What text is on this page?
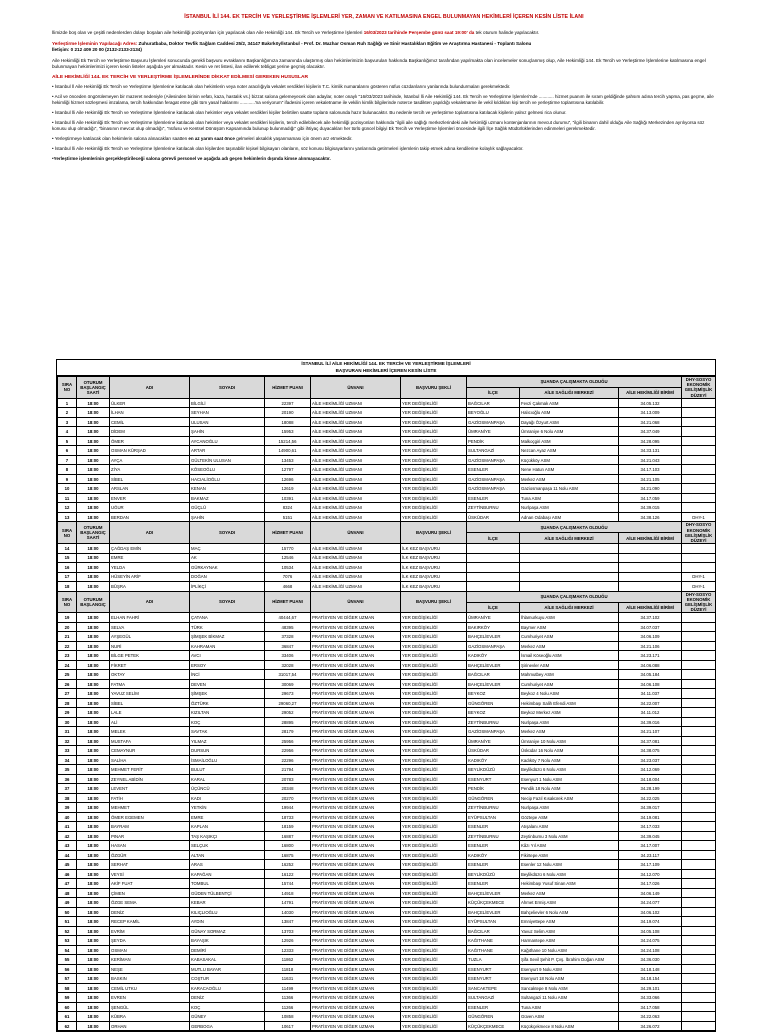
İSTANBUL İLİ 144. EK TERCİH VE YERLEŞTİRME İŞLEMLERİ YER, ZAMAN VE KATILMASINA ENGEL BULUNMAYAN HEKİMLERİ İÇEREN KESİN LİSTE İLANI

İlimizde boş olan ve çeşitli nedenlerden dolayı boşalan aile hekimliği pozisyonları için yapılacak olan Aile Hekimliği 144. Ek Tercih ve Yerleştirme İşlemleri 16/03/2023 tarihinde Perşembe günü saat 19:00' da tek oturum halinde yapılacaktır.

Yerleştirme İşleminin Yapılacağı Adres: Zuhuratbaba, Doktor Tevfik Sağlam Caddesi 25/2, 34147 Bakırköy/İstanbul - Prof. Dr. Mazhar Osman Ruh Sağlığı ve Sinir Hastalıkları Eğitim ve Araştırma Hastanesi - Toplantı Salonu
İletişim: 0 212 409 20 00 (2132-2133-2134)

Aile Hekimliği Ek Tercih ve Yerleştirme Başvuru İşlemleri sonucunda gerekli başvuru evraklarını Başkanlığımıza zamanında ulaştırmış olan hekimlerimizin başvuruları hakkında Başkanlığımız tarafından yapılmakta olan incelemeler sonuçlanmış olup, Aile Hekimliği 144. Ek Tercih ve Yerleştirme İşlemlerine katılmasına engel bulunmayan hekimlerimizi içeren kesin listeler aşağıda yer almaktadır. Kesin ve ret listesi, ilan edilerek tebligat yerine geçmiş olacaktır.

AİLE HEKİMLİĞİ 144. EK TERCİH VE YERLEŞTİRME İŞLEMLERİNDE DİKKAT EDİLMESİ GEREKEN HUSUSLAR

• İstanbul İl Aile Hekimliği Ek Tercih ve Yerleştirme İşlemlerine katılacak olan hekimlerin veya noter aracılığıyla vekalet verdikleri kişilerin T.C. kimlik numaralarını gösteren nüfus cüzdanlarını yanlarında bulundurmaları gerekmektedir.

• Acil ve önceden öngörülemeyen bir mazeret nedeniyle (Ailesinden birinin vefatı, kaza, hastalık vs.) bizzat salona gelemeyecek olan adaylar, noter onaylı "16/03/2023 tarihinde, İstanbul İli Aile Hekimliği 144. Ek Tercih ve Yerleştirme İşlemleri'nde ............ hizmet puanım ile sıram geldiğinde şahsım adına tercih yapma, pas geçme, aile hekimliği hizmet sözleşmesi imzalama, tercih hakkından feragat etme gibi tüm yasal haklarımı ............'na veriyorum" ifadesini içeren vekaletname ile vekilin kimlik bilgilerinde noterce tasdikten yapıldığı vekaletname ile vekil kıldıkları kişi tercih ve yerleştirme toplantısına katılabilir.

• İstanbul İli Aile Hekimliği Ek Tercih ve Yerleştirme İşlemlerine katılacak olan hekimler veya vekalet verdikleri kişiler belirtilen saatte toplantı salonunda hazır bulunacaktır. Bu nedenle tercih ve yerleştirme toplantısına katılacak kişilerin yalnız gelmesi rica olunur.

• İstanbul İli Aile Hekimliği Ek Tercih ve Yerleştirme İşlemlerine katılacak olan hekimler veya vekalet verdikleri kişilerin, tercih edilebilecek aile hekimliği pozisyonları hakkında "ilgili aile sağlığı merkezlerindeki aile hekimliği uzmanı kontenjanlarının mevcut durumu", "ilgili binanın dahil olduğu Aile Sağlığı Merkezinden ayrılıyorsa söz konusu olup olmadığı", "binasının mevcut olup olmadığı", "nüfusu ve Kentsel Dönüşüm Kapsamında bulunup bulunmadığı" gibi ihtiyaç duyacakları her türlü güncel bilgiyi Ek Tercih ve Yerleştirme İşlemleri öncesinde ilgili İlçe Sağlık Müdürlüklerinden edinmeleri gerekmektedir.

• Yerleştirmeye katılacak olan hekimlerin salona alınacakları saatten en az yarım saat önce gelmeleri aksaklık yaşanmaması için önem arz etmektedir.

• İstanbul İli Aile Hekimliği Ek Tercih ve Yerleştirme İşlemlerine katılacak olan kişilerden taşınabilir kişisel bilgisayarı olanların, söz konusu bilgisayarlarını yanlarında getirmeleri işlemlerin takip etmek adına kendilerine kolaylık sağlayacaktır.

•Yerleştirme işlemlerinin gerçekleştirileceği salona görevli personel ve aşağıda adı geçen hekimlerin dışında kimse alınmayacaktır.

İSTANBUL İLİ AİLE HEKİMLİĞİ 144. EK TERCİH VE YERLEŞTİRME İŞLEMLERİ
BAŞVURAN HEKİMLERİ İÇEREN KESİN LİSTE
SIRA NO	OTURUM BAŞLANGIÇ SAATİ	ADI	SOYADI	HİZMET PUANI	ÜNVANI	BAŞVURU ŞEKLİ	ŞUANDA ÇALIŞMAKTA OLDUĞU			DHY-SOSYO EKONOMİK GELİŞMİŞLİK DÜZEYİ
							İLÇE	AİLE SAĞLIĞI MERKEZİ	AİLE HEKİMLİĞİ BİRİMİ	
1	18:00	ÜLKER	BİLGİLİ	22397	AİLE HEKİMLİĞİ UZMANI	YER DEĞİŞİKLİĞİ	BAĞCILAR	Fevzi Çakmak ASM	34.05.132	
2	18:00	İLHAN	SEYHAN	20190	AİLE HEKİMLİĞİ UZMANI	YER DEĞİŞİKLİĞİ	BEYOĞLU	Halıcıoğlu ASM	34.13.009	
3	18:00	CEMİL	ULUSAN	18088	AİLE HEKİMLİĞİ UZMANI	YER DEĞİŞİKLİĞİ	GAZİOSMANPAŞA	Dayağı Özyurt ASM	34.21.068	
4	18:00	DİDEM	ŞAHİN	15953	AİLE HEKİMLİĞİ UZMANI	YER DEĞİŞİKLİĞİ	ÜMRANİYE	Ümraniye 6 Nolu ASM	34.37.049	
5	18:00	ÖMER	AYCANOĞLU	15214,56	AİLE HEKİMLİĞİ UZMANI	YER DEĞİŞİKLİĞİ	PENDİK	Malkoçgiri ASM	34.28.095	
6	18:00	OSMAN KÜRŞAD	ARTAR	14900,61	AİLE HEKİMLİĞİ UZMANI	YER DEĞİŞİKLİĞİ	SULTANGAZİ	Nezcan Ayaz ASM	34.33.131	
7	18:00	AYÇA	GÜLTEKİN ULUSAN	13453	AİLE HEKİMLİĞİ UZMANI	YER DEĞİŞİKLİĞİ	GAZİOSMANPAŞA	Küçükköy ASM	34.21.043	
8	18:00	ZİYA	KÖSEOĞLU	12797	AİLE HEKİMLİĞİ UZMANI	YER DEĞİŞİKLİĞİ	ESENLER	Nene Hatun ASM	34.17.103	
9	18:00	SİBEL	HACIALİOĞLU	12696	AİLE HEKİMLİĞİ UZMANI	YER DEĞİŞİKLİĞİ	GAZİOSMANPAŞA	Merkez ASM	34.21.105	
10	18:00	ARSLAN	KENAN	12619	AİLE HEKİMLİĞİ UZMANI	YER DEĞİŞİKLİĞİ	GAZİOSMANPAŞA	Gaziosmanpaşa 11 Nolu ASM	34.21.090	
11	18:00	ENVER	BAKMAZ	10391	AİLE HEKİMLİĞİ UZMANI	YER DEĞİŞİKLİĞİ	ESENLER	Tuna ASM	34.17.059	
12	18:00	UĞUR	GÜÇLÜ	8324	AİLE HEKİMLİĞİ UZMANI	YER DEĞİŞİKLİĞİ	ZEYTİNBURNU	Nurİpaşa ASM	34.39.015	
13	18:00	BERDAN	ŞAHİN	5151	AİLE HEKİMLİĞİ UZMANI	YER DEĞİŞİKLİĞİ	ÜSKÜDAR	Adnan Odabaşı ASM	34.38.126	DHY-1
SIRA NO	OTURUM BAŞLANGIÇ SAATİ	ADI	SOYADI	HİZMET PUANI	ÜNVANI	BAŞVURU ŞEKLİ	ŞUANDA ÇALIŞMAKTA OLDUĞU			DHY-SOSYO EKONOMİK GELİŞMİŞLİK DÜZEYİ
							İLÇE	AİLE SAĞLIĞI MERKEZİ	AİLE HEKİMLİĞİ BİRİMİ	
14	18:00	ÇAĞDAŞ EMİN	MAÇ	15770	AİLE HEKİMLİĞİ UZMANI	İLK KEZ BAŞVURU				
15	18:00	EMRE	AK	12546	AİLE HEKİMLİĞİ UZMANI	İLK KEZ BAŞVURU				
16	18:00	YELDA	GÜRKAYNAK	10534	AİLE HEKİMLİĞİ UZMANI	İLK KEZ BAŞVURU				
17	18:00	HÜSEYİN ARİF	DOĞAN	7076	AİLE HEKİMLİĞİ UZMANI	İLK KEZ BAŞVURU				DHY-1
18	18:00	BÜŞRA	İPLİKÇİ	4668	AİLE HEKİMLİĞİ UZMANI	İLK KEZ BAŞVURU				DHY-1
SIRA NO	OTURUM BAŞLANGIÇ	ADI	SOYADI	HİZMET PUANI	ÜNVANI	BAŞVURU ŞEKLİ	ŞUANDA ÇALIŞMAKTA OLDUĞU			DHY-SOSYO EKONOMİK GELİŞMİŞLİK DÜZEYİ
							İLÇE	AİLE SAĞLIĞI MERKEZİ	AİLE HEKİMLİĞİ BİRİMİ	
19	18:00	ELHAN FAHRİ	ÇATANA	40444,67	PRATİSYEN VE DİĞER UZMAN	YER DEĞİŞİKLİĞİ	ÜMRANİYE	İhlamurkuyu ASM	34.37.102	
20	18:00	SELVA	TÜRK	48395	PRATİSYEN VE DİĞER UZMAN	YER DEĞİŞİKLİĞİ	BAKIRKÖY	Baymer ASM	34.07.037	
21	18:00	AYŞEGÜL	ŞİMŞEK BİKMAZ	37328	PRATİSYEN VE DİĞER UZMAN	YER DEĞİŞİKLİĞİ	BAHÇELİEVLER	Cumhuriyet ASM	34.06.109	
22	18:00	NURİ	KAHRAMAN	36847	PRATİSYEN VE DİĞER UZMAN	YER DEĞİŞİKLİĞİ	GAZİOSMANPAŞA	Merkez ASM	34.21.106	
23	18:00	BİLGE PETEK	AVCI	33406	PRATİSYEN VE DİĞER UZMAN	YER DEĞİŞİKLİĞİ	KADIKÖY	İsmail Köseoğlu ASM	34.23.171	
24	18:00	FİKRET	ERSOY	32028	PRATİSYEN VE DİĞER UZMAN	YER DEĞİŞİKLİĞİ	BAHÇELİEVLER	Şirinevler ASM	34.06.088	
25	18:00	OKTAY	İNCİ	31017,54	PRATİSYEN VE DİĞER UZMAN	YER DEĞİŞİKLİĞİ	BAĞCILAR	Mahmutbey ASM	34.05.184	
26	18:00	FATMA	DEVEN	30069	PRATİSYEN VE DİĞER UZMAN	YER DEĞİŞİKLİĞİ	BAHÇELİEVLER	Cumhuriyet ASM	34.06.108	
27	18:00	YAVUZ SELİM	ŞİMŞEK	29673	PRATİSYEN VE DİĞER UZMAN	YER DEĞİŞİKLİĞİ	BEYKOZ	Beykoz 4 Nolu ASM	34.11.037	
28	18:00	SİBEL	ÖZTÜRK	29060,27	PRATİSYEN VE DİĞER UZMAN	YER DEĞİŞİKLİĞİ	GÜNGÖREN	Hekimbaşı Salih Efendi ASM	34.22.007	
29	18:00	LALE	KIZILTAN	29052	PRATİSYEN VE DİĞER UZMAN	YER DEĞİŞİKLİĞİ	BEYKOZ	Beykoz Merkez ASM	34.11.012	
30	18:00	ALİ	KOÇ	28895	PRATİSYEN VE DİĞER UZMAN	YER DEĞİŞİKLİĞİ	ZEYTİNBURNU	Nurİpaşa ASM	34.39.016	
31	18:00	MELEK	SAVTAK	28179	PRATİSYEN VE DİĞER UZMAN	YER DEĞİŞİKLİĞİ	GAZİOSMANPAŞA	Merkez ASM	34.21.107	
32	18:00	MUSTAFA	YILMAZ	25956	PRATİSYEN VE DİĞER UZMAN	YER DEĞİŞİKLİĞİ	ÜMRANİYE	Ümraniye 10 Nolu ASM	34.37.081	
33	18:00	CEMAYNUR	DURSUN	22956	PRATİSYEN VE DİĞER UZMAN	YER DEĞİŞİKLİĞİ	ÜSKÜDAR	Üsküdar 16 Nolu ASM	34.38.075	
34	18:00	SALİHA	İSMAİLOĞLU	22296	PRATİSYEN VE DİĞER UZMAN	YER DEĞİŞİKLİĞİ	KADIKÖY	Kadıköy 7 Nolu ASM	34.23.037	
35	18:00	MEHMET FERİT	BULUT	21794	PRATİSYEN VE DİĞER UZMAN	YER DEĞİŞİKLİĞİ	BEYLİKDÜZÜ	Beylikdüzü 6 Nolu ASM	34.12.069	
36	18:00	ZEYNEL ABİDİN	KARAL	20783	PRATİSYEN VE DİĞER UZMAN	YER DEĞİŞİKLİĞİ	ESENYURT	Esenyurt 1 Nolu ASM	34.18.004	
37	18:00	LEVENT	ÜÇÜNCÜ	20348	PRATİSYEN VE DİĞER UZMAN	YER DEĞİŞİKLİĞİ	PENDİK	Pendik 18 Nolu ASM	34.28.199	
38	18:00	FATİH	KADI	20270	PRATİSYEN VE DİĞER UZMAN	YER DEĞİŞİKLİĞİ	GÜNGÖREN	Necip Fazıl Kısakürek ASM	34.22.025	
39	18:00	MEHMET	YETKİN	19944	PRATİSYEN VE DİĞER UZMAN	YER DEĞİŞİKLİĞİ	ZEYTİNBURNU	Nurİpaşa ASM	34.39.017	
40	18:00	ÖMER EGEMEN	EMRE	18733	PRATİSYEN VE DİĞER UZMAN	YER DEĞİŞİKLİĞİ	EYÜPSULTAN	Göztepe ASM	34.19.081	
41	18:00	BAYRAM	KAPLAN	18159	PRATİSYEN VE DİĞER UZMAN	YER DEĞİŞİKLİĞİ	ESENLER	Atışalanı ASM	34.17.033	
42	18:00	PINAR	TAŞ KAŞIKÇI	16887	PRATİSYEN VE DİĞER UZMAN	YER DEĞİŞİKLİĞİ	ZEYTİNBURNU	Zeytinburnu 3 Nolu ASM	34.39.045	
43	18:00	HASAN	SELÇUK	16800	PRATİSYEN VE DİĞER UZMAN	YER DEĞİŞİKLİĞİ	ESENLER	Kâzı Yıl ASM	34.17.007	
44	18:00	ÖZGÜR	ALTAN	16875	PRATİSYEN VE DİĞER UZMAN	YER DEĞİŞİKLİĞİ	KADIKÖY	Fikirtepe ASM	34.23.117	
45	18:00	SERHAT	ARAS	16252	PRATİSYEN VE DİĞER UZMAN	YER DEĞİŞİKLİĞİ	ESENLER	Esenler 12 Nolu ASM	34.17.109	
46	18:00	VEYSİ	KAPAĞAN	16122	PRATİSYEN VE DİĞER UZMAN	YER DEĞİŞİKLİĞİ	BEYLİKDÜZÜ	Beylikdüzü 6 Nolu ASM	34.12.070	
47	18:00	AKİF FUAT	TOMBUL	15744	PRATİSYEN VE DİĞER UZMAN	YER DEĞİŞİKLİĞİ	ESENLER	Hekimbaşı Yusuf Sinan ASM	34.17.026	
48	18:00	ÇİMEN	GÜDEN TÜLBENTÇİ	14918	PRATİSYEN VE DİĞER UZMAN	YER DEĞİŞİKLİĞİ	BAHÇELİEVLER	Merkez ASM	34.06.149	
49	18:00	ÖZGE SEMA	KEBAR	14791	PRATİSYEN VE DİĞER UZMAN	YER DEĞİŞİKLİĞİ	KÜÇÜKÇEKMECE	Ahmet Ermiş ASM	34.24.077	
50	18:00	DENİZ	KILIÇLIOĞLU	14030	PRATİSYEN VE DİĞER UZMAN	YER DEĞİŞİKLİĞİ	BAHÇELİEVLER	Bahçelievler 6 Nolu ASM	34.06.102	
51	18:00	RECEP KAMİL	AYDIN	13847	PRATİSYEN VE DİĞER UZMAN	YER DEĞİŞİKLİĞİ	EYÜPSULTAN	Emniyettepe ASM	34.19.074	
52	18:00	EVRİM	GÜNAY SORMAZ	13703	PRATİSYEN VE DİĞER UZMAN	YER DEĞİŞİKLİĞİ	BAĞCILAR	Yavuz Selim ASM	34.05.108	
53	18:00	ŞEYDA	BAYAŞIK	12926	PRATİSYEN VE DİĞER UZMAN	YER DEĞİŞİKLİĞİ	KAĞITHANE	Harmantepe ASM	34.24.075	
54	18:00	OSMAN	DEMİRİ	12333	PRATİSYEN VE DİĞER UZMAN	YER DEĞİŞİKLİĞİ	KAĞITHANE	Kağıthane 10 Nolu ASM	34.24.108	
55	18:00	KERİMAN	KABASAKAL	11862	PRATİSYEN VE DİĞER UZMAN	YER DEĞİŞİKLİĞİ	TUZLA	Şifa Sevil Şehit P. Çvş. İbrahim Doğan ASM	34.36.030	
56	18:00	NEŞE	MUTLU BAYAR	11818	PRATİSYEN VE DİĞER UZMAN	YER DEĞİŞİKLİĞİ	ESENYURT	Esenyurt 9 Nolu ASM	34.18.148	
57	18:00	BASKIN	COŞTUR	11631	PRATİSYEN VE DİĞER UZMAN	YER DEĞİŞİKLİĞİ	ESENYURT	Esenyurt 18 Nolu ASM	34.18.154	
58	18:00	CEMİL UTKU	KARACAOĞLU	11499	PRATİSYEN VE DİĞER UZMAN	YER DEĞİŞİKLİĞİ	SANCAKTEPE	Sancaktepe 8 Nolu ASM	34.29.101	
59	18:00	EVREN	DENİZ	11366	PRATİSYEN VE DİĞER UZMAN	YER DEĞİŞİKLİĞİ	SULTANGAZİ	Sultangazi 11 Nolu ASM	34.33.066	
60	18:00	ŞENGÜL	KOÇ	11266	PRATİSYEN VE DİĞER UZMAN	YER DEĞİŞİKLİĞİ	ESENLER	Tuna ASM	34.17.058	
61	18:00	KÜBRA	GÜNEY	10858	PRATİSYEN VE DİĞER UZMAN	YER DEĞİŞİKLİĞİ	GÜNGÖREN	Güven ASM	34.22.063	
62	18:00	ORHAN	GERBOGA	10617	PRATİSYEN VE DİĞER UZMAN	YER DEĞİŞİKLİĞİ	KÜÇÜKÇEKMECE	Küçükçekmece 8 Nolu ASM	34.26.072	
